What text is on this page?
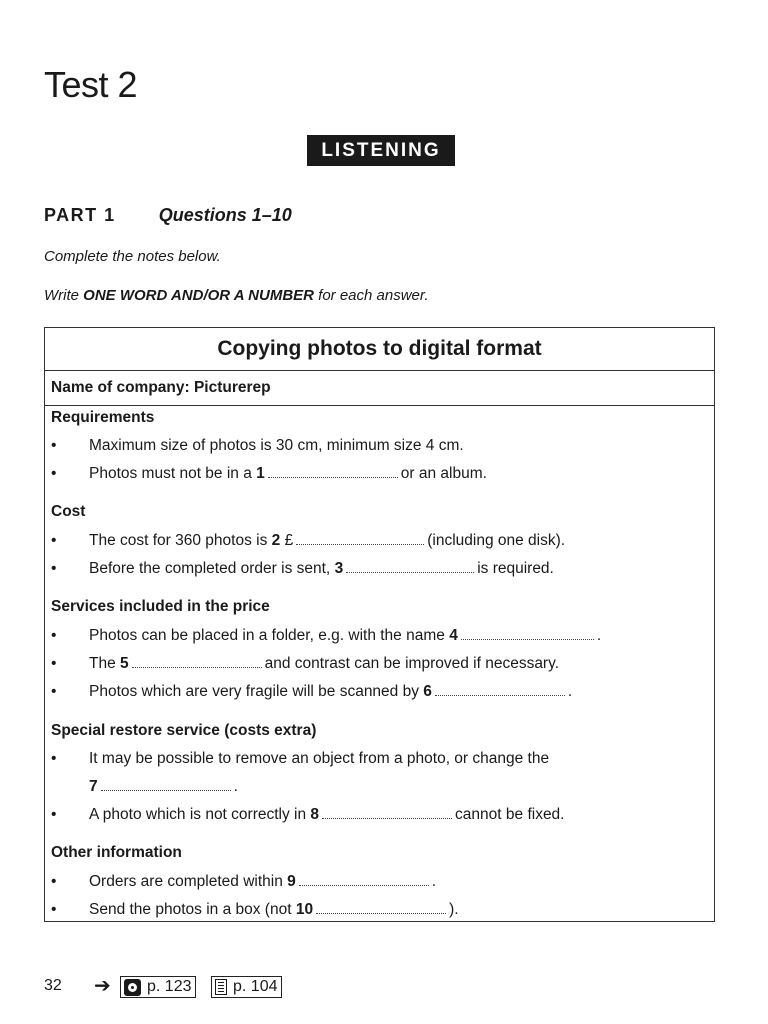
Test 2
LISTENING
PART 1 Questions 1–10
Complete the notes below.
Write ONE WORD AND/OR A NUMBER for each answer.
Copying photos to digital format
Name of company: Picturerep
Requirements
• Maximum size of photos is 30 cm, minimum size 4 cm.
• Photos must not be in a 1	or an album.
Cost
• The cost for 360 photos is 2 £	(including one disk).
• Before the completed order is sent, 3	is required.
Services included in the price
• Photos can be placed in a folder, e.g. with the name 4	.
• The 5	and contrast can be improved if necessary.
• Photos which are very fragile will be scanned by 6	.
Special restore service (costs extra)
• It may be possible to remove an object from a photo, or change the
7	.
• A photo which is not correctly in 8	cannot be fixed.
Other information
• Orders are completed within 9	.
• Send the photos in a box (not 10	).
32 ➔ p. 123	p. 104
